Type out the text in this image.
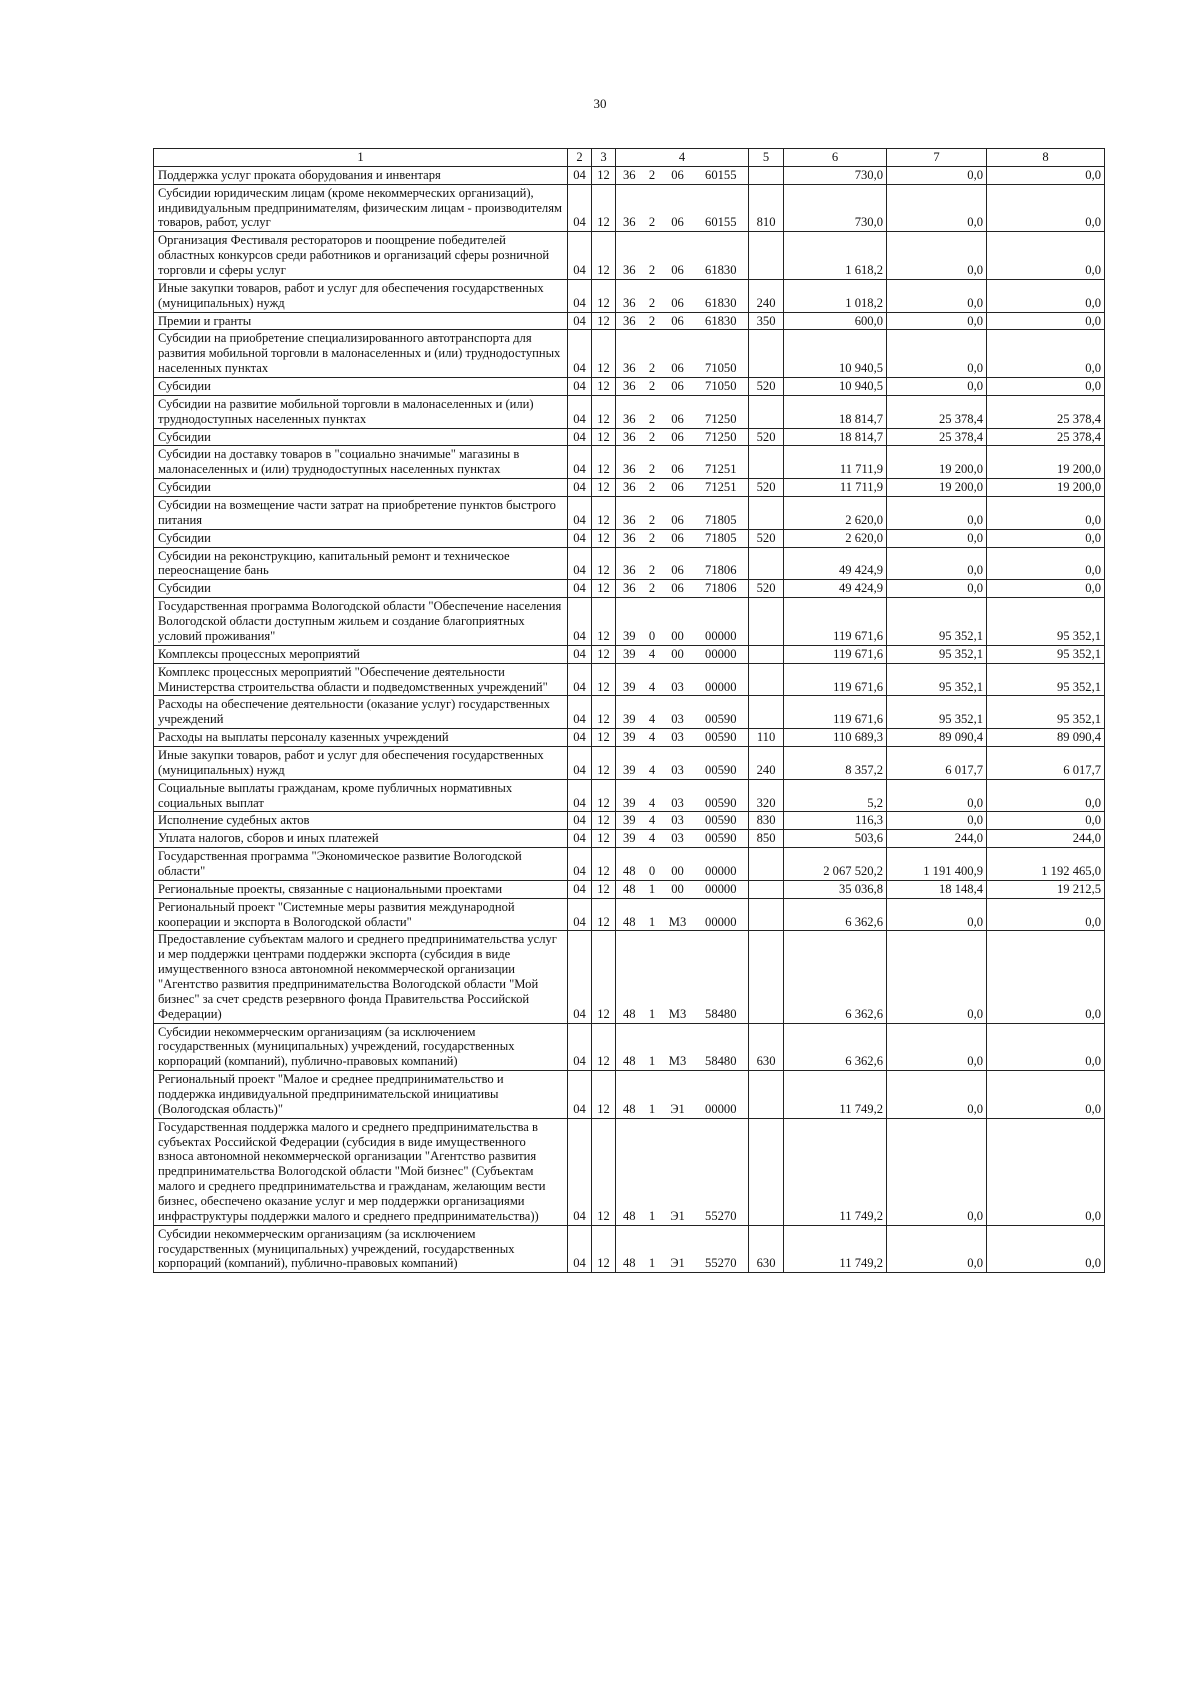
30
1	2	3	4				5	6	7	8
Поддержка услуг проката оборудования и инвентаря	04	12	36	2	06	60155		730,0	0,0	0,0
Субсидии юридическим лицам (кроме некоммерческих организаций), индивидуальным предпринимателям, физическим лицам - производителям товаров, работ, услуг	04	12	36	2	06	60155	810	730,0	0,0	0,0
Организация Фестиваля рестораторов и поощрение победителей областных конкурсов среди работников и организаций сферы розничной торговли и сферы услуг	04	12	36	2	06	61830		1 618,2	0,0	0,0
Иные закупки товаров, работ и услуг для обеспечения государственных (муниципальных) нужд	04	12	36	2	06	61830	240	1 018,2	0,0	0,0
Премии и гранты	04	12	36	2	06	61830	350	600,0	0,0	0,0
Субсидии на приобретение специализированного автотранспорта для развития мобильной торговли в малонаселенных и (или) труднодоступных населенных пунктах	04	12	36	2	06	71050		10 940,5	0,0	0,0
Субсидии	04	12	36	2	06	71050	520	10 940,5	0,0	0,0
Субсидии на развитие мобильной торговли в малонаселенных и (или) труднодоступных населенных пунктах	04	12	36	2	06	71250		18 814,7	25 378,4	25 378,4
Субсидии	04	12	36	2	06	71250	520	18 814,7	25 378,4	25 378,4
Субсидии на доставку товаров в "социально значимые" магазины в малонаселенных и (или) труднодоступных населенных пунктах	04	12	36	2	06	71251		11 711,9	19 200,0	19 200,0
Субсидии	04	12	36	2	06	71251	520	11 711,9	19 200,0	19 200,0
Субсидии на возмещение части затрат на приобретение пунктов быстрого питания	04	12	36	2	06	71805		2 620,0	0,0	0,0
Субсидии	04	12	36	2	06	71805	520	2 620,0	0,0	0,0
Субсидии на реконструкцию, капитальный ремонт и техническое переоснащение бань	04	12	36	2	06	71806		49 424,9	0,0	0,0
Субсидии	04	12	36	2	06	71806	520	49 424,9	0,0	0,0
Государственная программа Вологодской области "Обеспечение населения Вологодской области доступным жильем и создание благоприятных условий проживания"	04	12	39	0	00	00000		119 671,6	95 352,1	95 352,1
Комплексы процессных мероприятий	04	12	39	4	00	00000		119 671,6	95 352,1	95 352,1
Комплекс процессных мероприятий "Обеспечение деятельности Министерства строительства области и подведомственных учреждений"	04	12	39	4	03	00000		119 671,6	95 352,1	95 352,1
Расходы на обеспечение деятельности (оказание услуг) государственных учреждений	04	12	39	4	03	00590		119 671,6	95 352,1	95 352,1
Расходы на выплаты персоналу казенных учреждений	04	12	39	4	03	00590	110	110 689,3	89 090,4	89 090,4
Иные закупки товаров, работ и услуг для обеспечения государственных (муниципальных) нужд	04	12	39	4	03	00590	240	8 357,2	6 017,7	6 017,7
Социальные выплаты гражданам, кроме публичных нормативных социальных выплат	04	12	39	4	03	00590	320	5,2	0,0	0,0
Исполнение судебных актов	04	12	39	4	03	00590	830	116,3	0,0	0,0
Уплата налогов, сборов и иных платежей	04	12	39	4	03	00590	850	503,6	244,0	244,0
Государственная программа "Экономическое развитие Вологодской области"	04	12	48	0	00	00000		2 067 520,2	1 191 400,9	1 192 465,0
Региональные проекты, связанные с национальными проектами	04	12	48	1	00	00000		35 036,8	18 148,4	19 212,5
Региональный проект "Системные меры развития международной кооперации и экспорта в Вологодской области"	04	12	48	1	М3	00000		6 362,6	0,0	0,0
Предоставление субъектам малого и среднего предпринимательства услуг и мер поддержки центрами поддержки экспорта (субсидия в виде имущественного взноса автономной некоммерческой организации "Агентство развития предпринимательства Вологодской области "Мой бизнес" за счет средств резервного фонда Правительства Российской Федерации)	04	12	48	1	М3	58480		6 362,6	0,0	0,0
Субсидии некоммерческим организациям (за исключением государственных (муниципальных) учреждений, государственных корпораций (компаний), публично-правовых компаний)	04	12	48	1	М3	58480	630	6 362,6	0,0	0,0
Региональный проект "Малое и среднее предпринимательство и поддержка индивидуальной предпринимательской инициативы (Вологодская область)"	04	12	48	1	Э1	00000		11 749,2	0,0	0,0
Государственная поддержка малого и среднего предпринимательства в субъектах Российской Федерации (субсидия в виде имущественного взноса автономной некоммерческой организации "Агентство развития предпринимательства Вологодской области "Мой бизнес" (Субъектам малого и среднего предпринимательства и гражданам, желающим вести бизнес, обеспечено оказание услуг и мер поддержки организациями инфраструктуры поддержки малого и среднего предпринимательства))	04	12	48	1	Э1	55270		11 749,2	0,0	0,0
Субсидии некоммерческим организациям (за исключением государственных (муниципальных) учреждений, государственных корпораций (компаний), публично-правовых компаний)	04	12	48	1	Э1	55270	630	11 749,2	0,0	0,0
